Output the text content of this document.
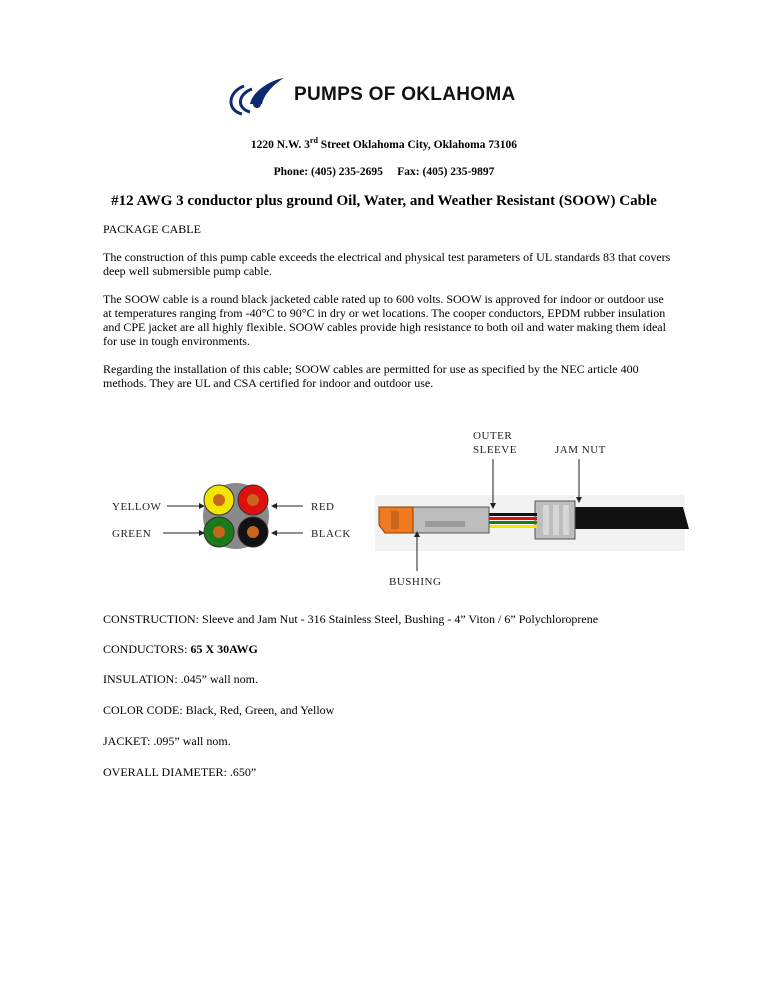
PUMPS OF OKLAHOMA
1220 N.W. 3rd Street Oklahoma City, Oklahoma 73106
Phone: (405) 235-2695 Fax: (405) 235-9897
#12 AWG 3 conductor plus ground Oil, Water, and Weather Resistant (SOOW) Cable
PACKAGE CABLE
The construction of this pump cable exceeds the electrical and physical test parameters of UL standards 83 that covers deep well submersible pump cable.
The SOOW cable is a round black jacketed cable rated up to 600 volts. SOOW is approved for indoor or outdoor use at temperatures ranging from -40°C to 90°C in dry or wet locations. The cooper conductors, EPDM rubber insulation and CPE jacket are all highly flexible. SOOW cables provide high resistance to both oil and water making them ideal for use in tough environments.
Regarding the installation of this cable; SOOW cables are permitted for use as specified by the NEC article 400 methods. They are UL and CSA certified for indoor and outdoor use.
YELLOW
GREEN
RED
BLACK
OUTER
SLEEVE	JAM NUT
BUSHING
CONSTRUCTION: Sleeve and Jam Nut - 316 Stainless Steel, Bushing - 4” Viton / 6” Polychloroprene
CONDUCTORS: 65 X 30AWG
INSULATION: .045” wall nom.
COLOR CODE: Black, Red, Green, and Yellow
JACKET: .095” wall nom.
OVERALL DIAMETER: .650”
